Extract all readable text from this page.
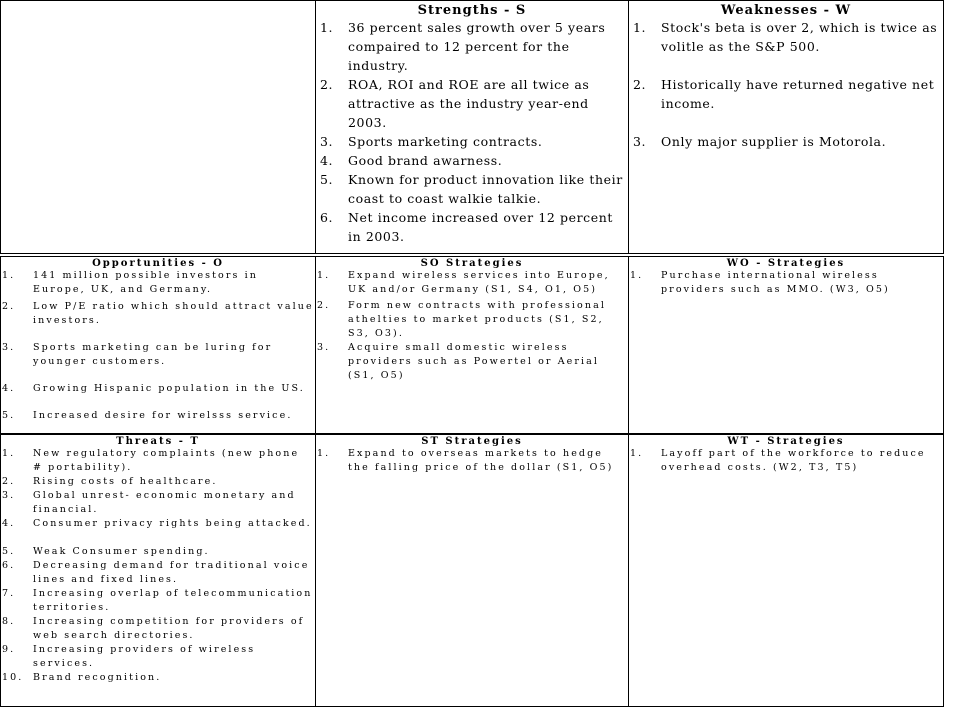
Strengths - S
1. 36 percent sales growth over 5 years compaired to 12 percent for the industry.
2. ROA, ROI and ROE are all twice as attractive as the industry year-end 2003.
3. Sports marketing contracts.
4. Good brand awarness.
5. Known for product innovation like their coast to coast walkie talkie.
6. Net income increased over 12 percent in 2003.
Weaknesses - W
1. Stock's beta is over 2, which is twice as volitle as the S&P 500.
2. Historically have returned negative net income.
3. Only major supplier is Motorola.
Opportunities - O
1. 141 million possible investors in Europe, UK, and Germany.
2. Low P/E ratio which should attract value investors.
3. Sports marketing can be luring for younger customers.
4. Growing Hispanic population in the US.
5. Increased desire for wirelsss service.
SO Strategies
1. Expand wireless services into Europe, UK and/or Germany (S1, S4, O1, O5)
2. Form new contracts with professional athelties to market products (S1, S2, S3, O3).
3. Acquire small domestic wireless providers such as Powertel or Aerial (S1, O5)
WO - Strategies
1. Purchase international wireless providers such as MMO. (W3, O5)
Threats - T
1. New regulatory complaints (new phone # portability).
2. Rising costs of healthcare.
3. Global unrest- economic monetary and financial.
4. Consumer privacy rights being attacked.
5. Weak Consumer spending.
6. Decreasing demand for traditional voice lines and fixed lines.
7. Increasing overlap of telecommunication territories.
8. Increasing competition for providers of web search directories.
9. Increasing providers of wireless services.
10. Brand recognition.
ST Strategies
1. Expand to overseas markets to hedge the falling price of the dollar (S1, O5)
WT - Strategies
1. Layoff part of the workforce to reduce overhead costs. (W2, T3, T5)
